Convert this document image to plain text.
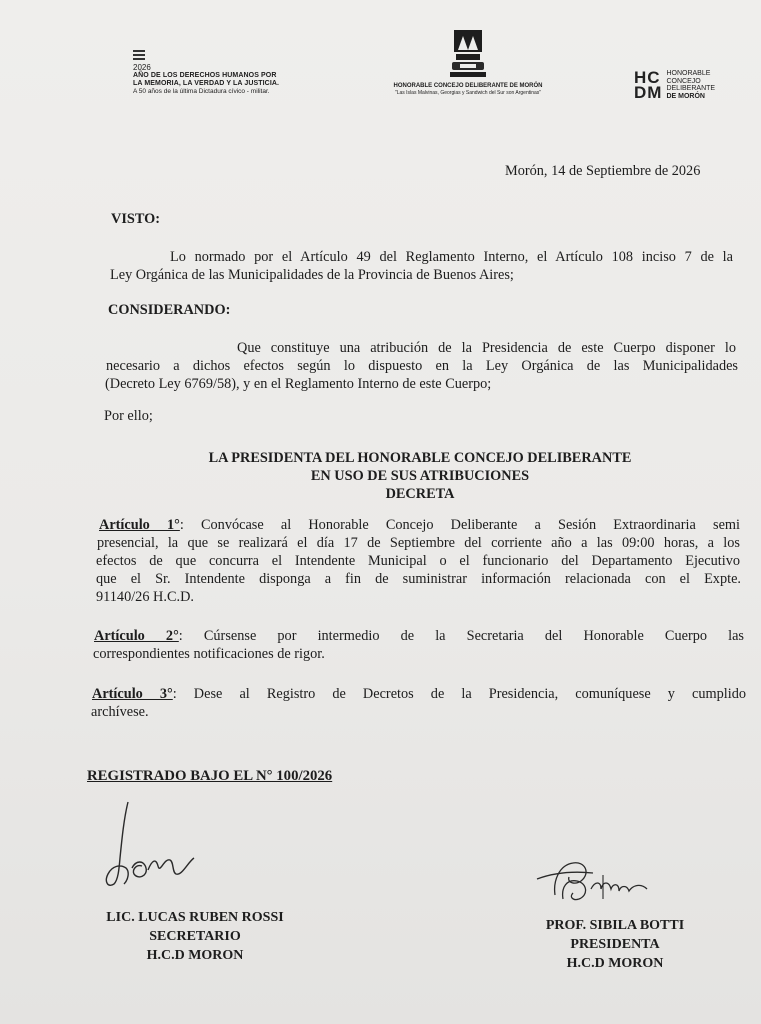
2026
AÑO DE LOS DERECHOS HUMANOS POR
LA MEMORIA, LA VERDAD Y LA JUSTICIA.
A 50 años de la última Dictadura cívico - militar.
HONORABLE CONCEJO DELIBERANTE DE MORÓN
"Las Islas Malvinas, Georgias y Sandwich del Sur son Argentinas"
HC
DM
HONORABLE
CONCEJO
DELIBERANTE
DE MORÓN

Morón, 14 de Septiembre de 2026

VISTO:

Lo normado por el Artículo 49 del Reglamento Interno, el Artículo 108 inciso 7 de la

Ley Orgánica de las Municipalidades de la Provincia de Buenos Aires;

CONSIDERANDO:

Que constituye una atribución de la Presidencia de este Cuerpo disponer lo

necesario a dichos efectos según lo dispuesto en la Ley Orgánica de las Municipalidades

(Decreto Ley 6769/58), y en el Reglamento Interno de este Cuerpo;

Por ello;

LA PRESIDENTA DEL HONORABLE CONCEJO DELIBERANTE

EN USO DE SUS ATRIBUCIONES

DECRETA

Artículo 1°: Convócase al Honorable Concejo Deliberante a Sesión Extraordinaria semi

presencial, la que se realizará el día 17 de Septiembre del corriente año a las 09:00 horas, a los

efectos de que concurra el Intendente Municipal o el funcionario del Departamento Ejecutivo

que el Sr. Intendente disponga a fin de suministrar información relacionada con el Expte.

91140/26 H.C.D.

Artículo 2°: Cúrsense por intermedio de la Secretaria del Honorable Cuerpo las

correspondientes notificaciones de rigor.

Artículo 3°: Dese al Registro de Decretos de la Presidencia, comuníquese y cumplido

archívese.

REGISTRADO BAJO EL N° 100/2026

LIC. LUCAS RUBEN ROSSI
SECRETARIO
H.C.D MORON
PROF. SIBILA BOTTI
PRESIDENTA
H.C.D MORON
